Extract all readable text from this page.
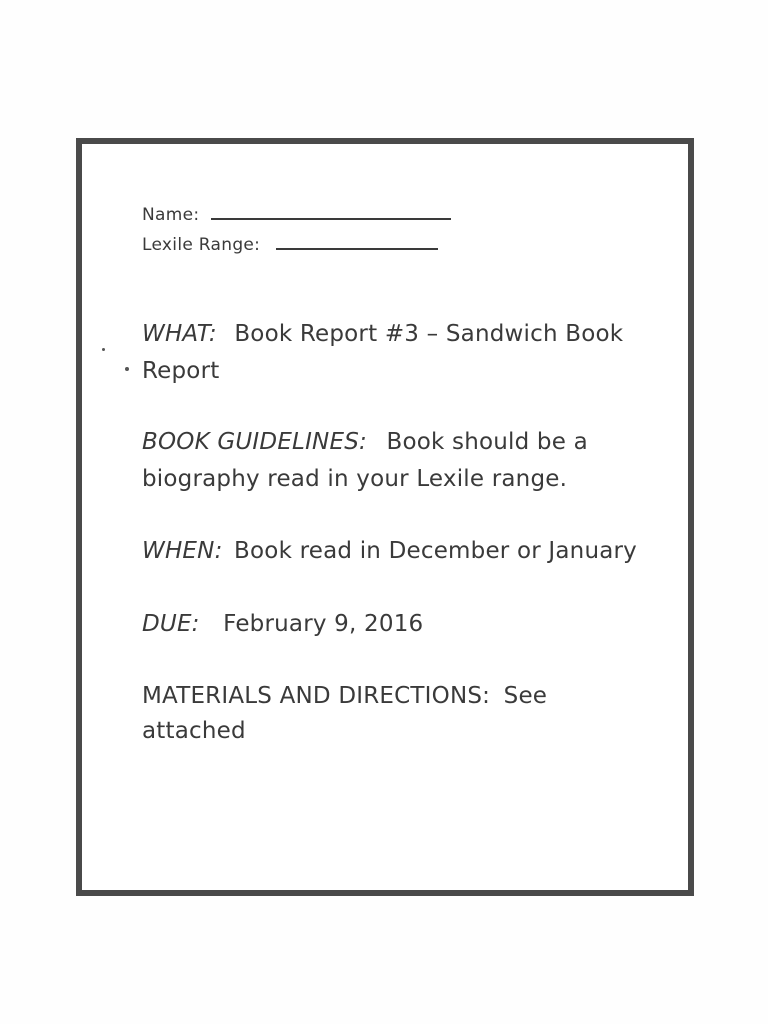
Name:
Lexile Range:
WHAT: Book Report #3 – Sandwich Book
Report
BOOK GUIDELINES: Book should be a
biography read in your Lexile range.
WHEN: Book read in December or January
DUE: February 9, 2016
MATERIALS AND DIRECTIONS: See
attached
